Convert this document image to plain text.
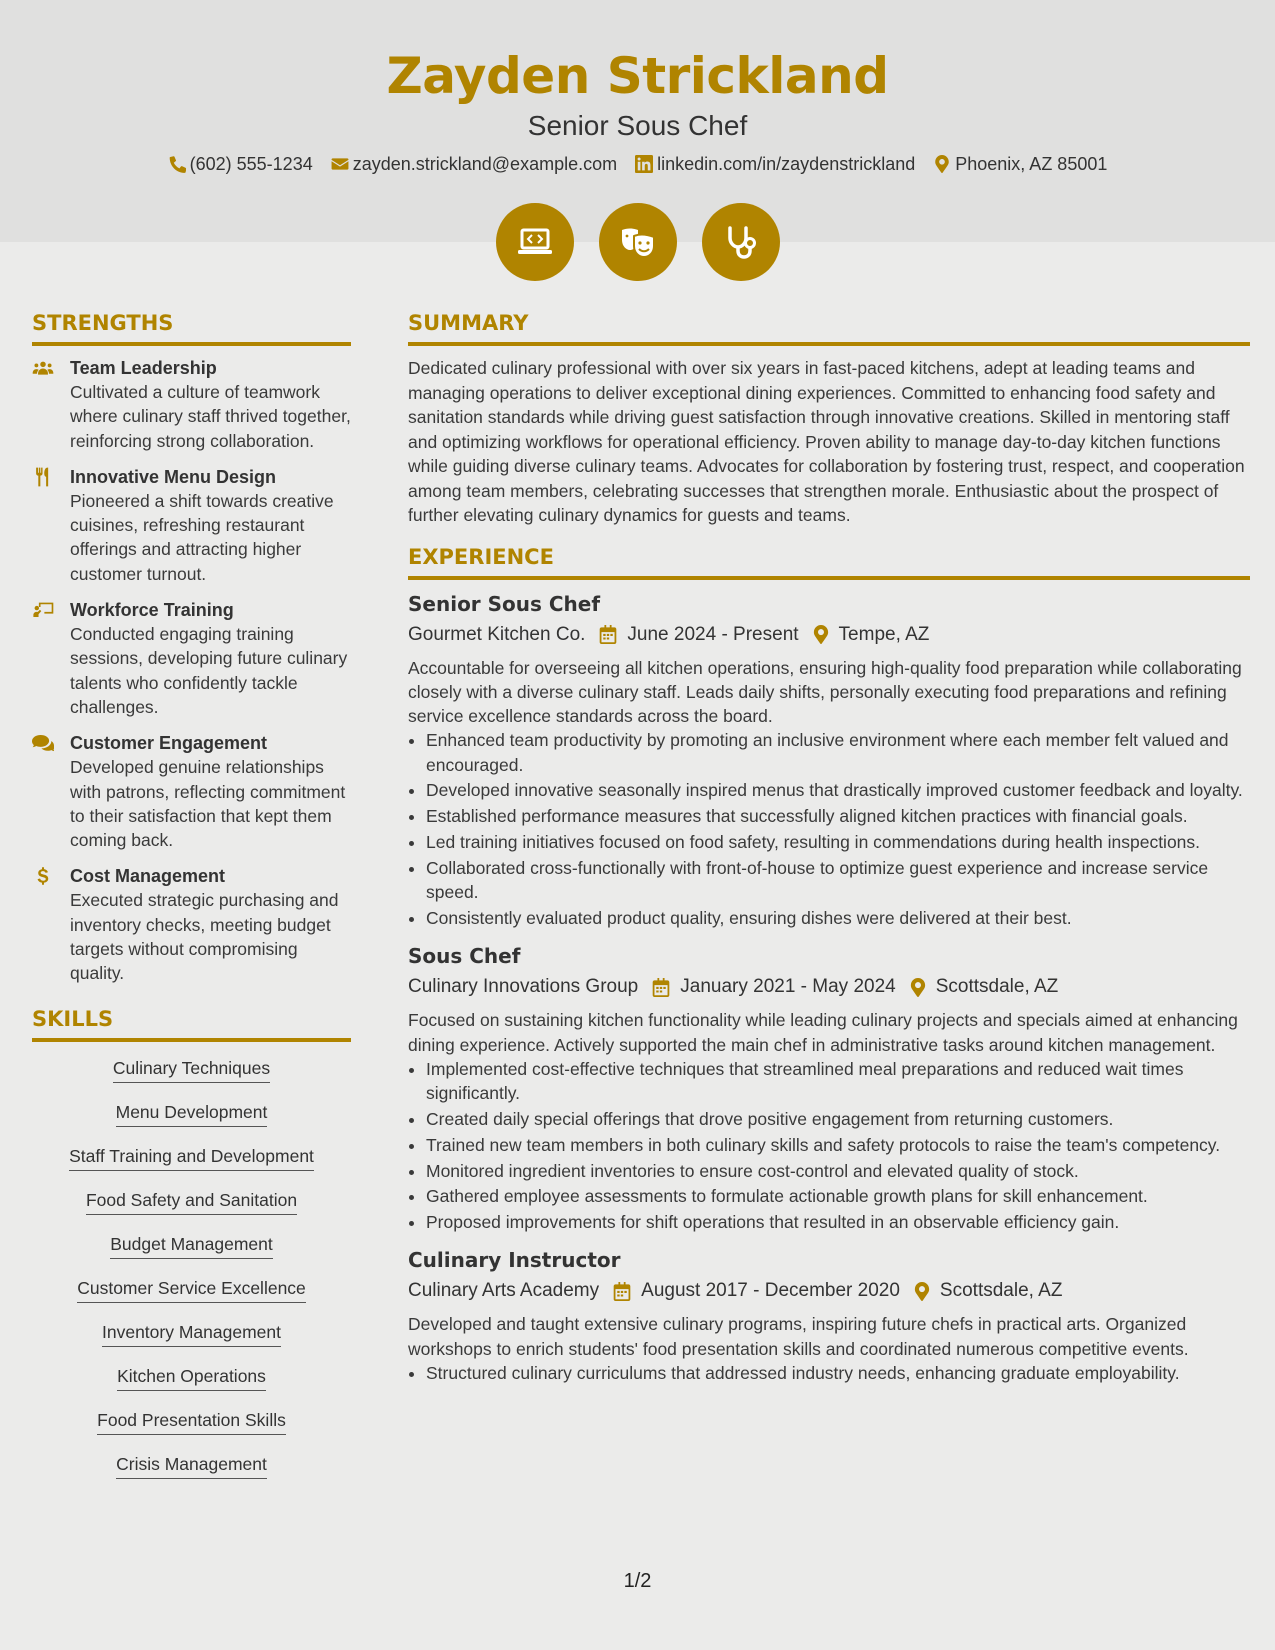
Zayden Strickland
Senior Sous Chef
(602) 555-1234 zayden.strickland@example.com linkedin.com/in/zaydenstrickland Phoenix, AZ 85001
STRENGTHS
Team Leadership
Cultivated a culture of teamwork where culinary staff thrived together, reinforcing strong collaboration.
Innovative Menu Design
Pioneered a shift towards creative cuisines, refreshing restaurant offerings and attracting higher customer turnout.
Workforce Training
Conducted engaging training sessions, developing future culinary talents who confidently tackle challenges.
Customer Engagement
Developed genuine relationships with patrons, reflecting commitment to their satisfaction that kept them coming back.
Cost Management
Executed strategic purchasing and inventory checks, meeting budget targets without compromising quality.
SKILLS
Culinary Techniques
Menu Development
Staff Training and Development
Food Safety and Sanitation
Budget Management
Customer Service Excellence
Inventory Management
Kitchen Operations
Food Presentation Skills
Crisis Management
SUMMARY

Dedicated culinary professional with over six years in fast-paced kitchens, adept at leading teams and managing operations to deliver exceptional dining experiences. Committed to enhancing food safety and sanitation standards while driving guest satisfaction through innovative creations. Skilled in mentoring staff and optimizing workflows for operational efficiency. Proven ability to manage day-to-day kitchen functions while guiding diverse culinary teams. Advocates for collaboration by fostering trust, respect, and cooperation among team members, celebrating successes that strengthen morale. Enthusiastic about the prospect of further elevating culinary dynamics for guests and teams.

EXPERIENCE
Senior Sous Chef
Gourmet Kitchen Co. June 2024 - Present Tempe, AZ
Accountable for overseeing all kitchen operations, ensuring high-quality food preparation while collaborating closely with a diverse culinary staff. Leads daily shifts, personally executing food preparations and refining service excellence standards across the board.
• Enhanced team productivity by promoting an inclusive environment where each member felt valued and encouraged.
• Developed innovative seasonally inspired menus that drastically improved customer feedback and loyalty.
• Established performance measures that successfully aligned kitchen practices with financial goals.
• Led training initiatives focused on food safety, resulting in commendations during health inspections.
• Collaborated cross-functionally with front-of-house to optimize guest experience and increase service speed.
• Consistently evaluated product quality, ensuring dishes were delivered at their best.
Sous Chef
Culinary Innovations Group January 2021 - May 2024 Scottsdale, AZ
Focused on sustaining kitchen functionality while leading culinary projects and specials aimed at enhancing dining experience. Actively supported the main chef in administrative tasks around kitchen management.
• Implemented cost-effective techniques that streamlined meal preparations and reduced wait times significantly.
• Created daily special offerings that drove positive engagement from returning customers.
• Trained new team members in both culinary skills and safety protocols to raise the team's competency.
• Monitored ingredient inventories to ensure cost-control and elevated quality of stock.
• Gathered employee assessments to formulate actionable growth plans for skill enhancement.
• Proposed improvements for shift operations that resulted in an observable efficiency gain.
Culinary Instructor
Culinary Arts Academy August 2017 - December 2020 Scottsdale, AZ
Developed and taught extensive culinary programs, inspiring future chefs in practical arts. Organized workshops to enrich students' food presentation skills and coordinated numerous competitive events.
• Structured culinary curriculums that addressed industry needs, enhancing graduate employability.
1/2
